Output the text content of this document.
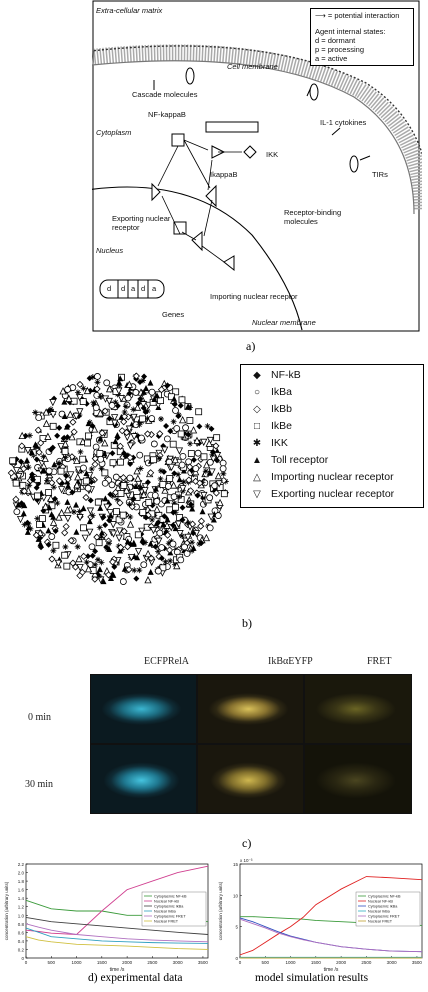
Extra-cellular matrix
Cell membrane
Cytoplasm
Nucleus
Nuclear membrane
⟶ = potential interaction
Agent internal states:
d = dormant
p = processing
a = active
Cascade molecules
NF-kappaB
IL-1 cytokines
IKK
IkappaB	TIRs
Exporting nuclear
receptor
Receptor-binding
molecules
Importing nuclear receptor
Genes
d d a d a
a)
◆ NF-kB
○ IkBa
◇ IkBb
□ IkBe
✱ IKK
▲ Toll receptor
△ Importing nuclear receptor
▽ Exporting nuclear receptor
b)
ECFPRelA	IkBαEYFP	FRET
0 min
30 min
c)
0
0.2
0.4
0.6
0.8
1.0
1.2
1.4
1.6
1.8
2.0
2.2
0	500	1000	1500	2000	2500	3000	3500
time /s
concentration (arbitrary units)	Cytoplasmic NF-kB
Nuclear NF-kB
Cytoplasmic IkBa
Nuclear IkBa
Cytoplasmic FRET
Nuclear FRET
0
5
10
15
0	500	1000	1500	2000	2500	3000	3500
time /s
concentration (arbitrary units)
x 10⁻³
Cytoplasmic NF-kB
Nuclear NF-kB
Cytoplasmic IkBa
Nuclear IkBa
Cytoplasmic FRET
Nuclear FRET
d) experimental data	model simulation results
